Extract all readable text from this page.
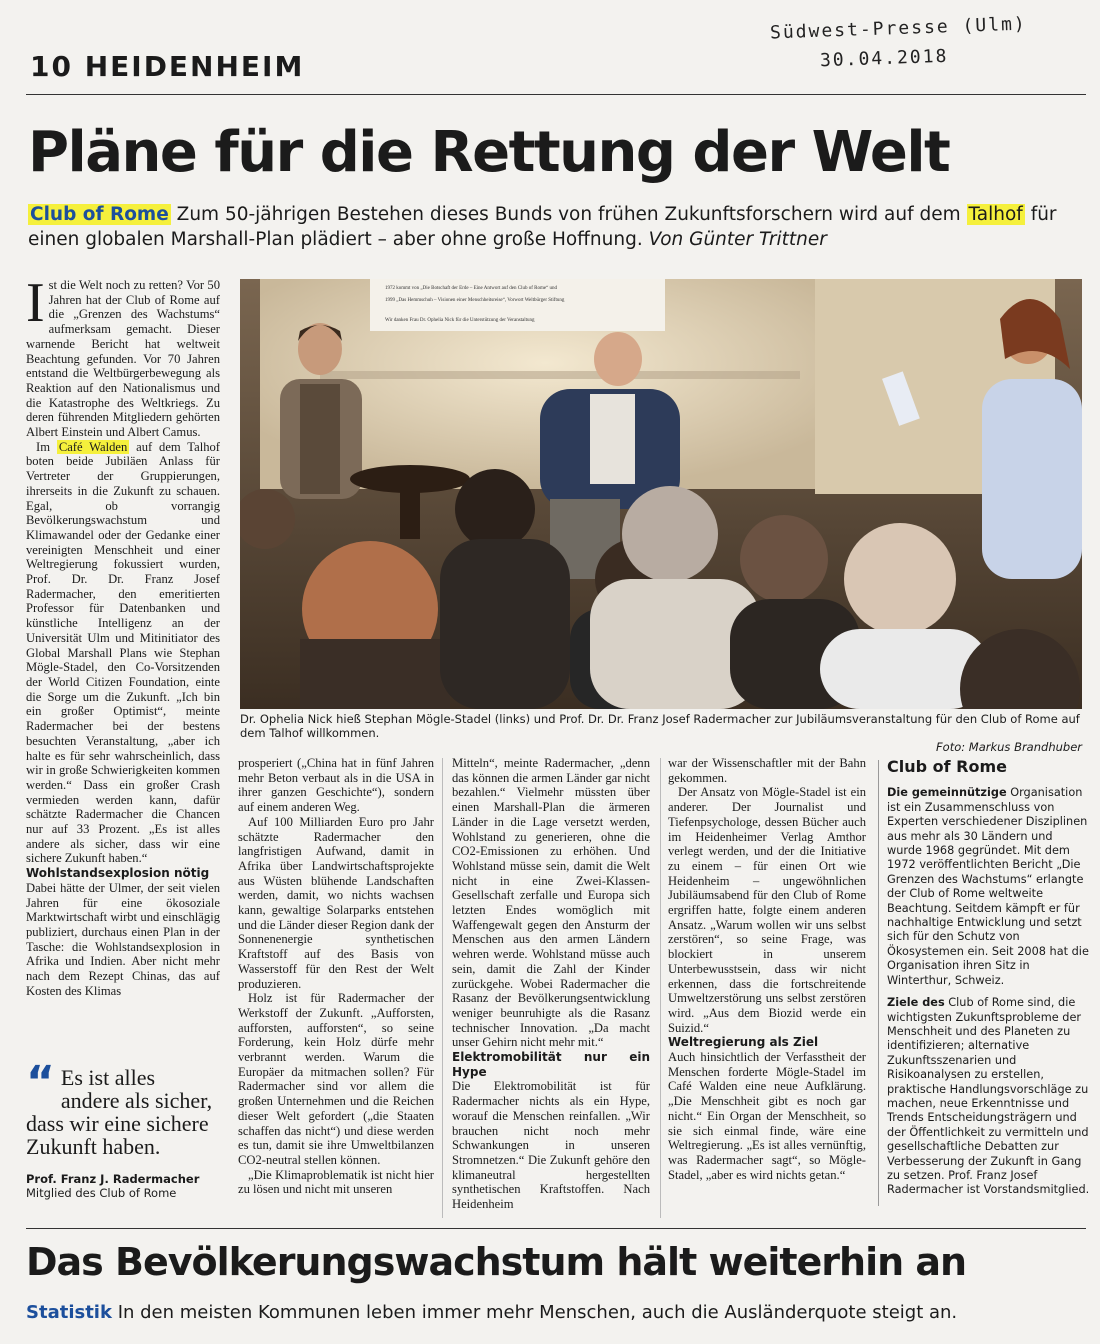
Südwest-Presse (Ulm)
30.04.2018
10 HEIDENHEIM
Pläne für die Rettung der Welt
Club of Rome Zum 50-jährigen Bestehen dieses Bunds von frühen Zukunftsforschern wird auf dem Talhof für einen globalen Marshall-Plan plädiert – aber ohne große Hoffnung. Von Günter Trittner

Ist die Welt noch zu retten? Vor 50 Jahren hat der Club of Rome auf die „Grenzen des Wachstums“ aufmerksam gemacht. Dieser warnende Bericht hat weltweit Beachtung gefunden. Vor 70 Jahren entstand die Weltbürgerbewegung als Reaktion auf den Nationalismus und die Katastrophe des Weltkriegs. Zu deren führenden Mitgliedern gehörten Albert Einstein und Albert Camus.

Im Café Walden auf dem Talhof boten beide Jubiläen Anlass für Vertreter der Gruppierungen, ihrerseits in die Zukunft zu schauen. Egal, ob vorrangig Bevölkerungswachstum und Klimawandel oder der Gedanke einer vereinigten Menschheit und einer Weltregierung fokussiert wurden, Prof. Dr. Dr. Franz Josef Radermacher, den emeritierten Professor für Datenbanken und künstliche Intelligenz an der Universität Ulm und Mitinitiator des Global Marshall Plans wie Stephan Mögle-Stadel, den Co-Vorsitzenden der World Citizen Foundation, einte die Sorge um die Zukunft. „Ich bin ein großer Optimist“, meinte Radermacher bei der bestens besuchten Veranstaltung, „aber ich halte es für sehr wahrscheinlich, dass wir in große Schwierigkeiten kommen werden.“ Dass ein großer Crash vermieden werden kann, dafür schätzte Radermacher die Chancen nur auf 33 Prozent. „Es ist alles andere als sicher, dass wir eine sichere Zukunft haben.“

Wohlstandsexplosion nötig

Dabei hätte der Ulmer, der seit vielen Jahren für eine ökosoziale Marktwirtschaft wirbt und einschlägig publiziert, durchaus einen Plan in der Tasche: die Wohlstandsexplosion in Afrika und Indien. Aber nicht mehr nach dem Rezept Chinas, das auf Kosten des Klimas

“ Es ist alles andere als sicher, dass wir eine sichere Zukunft haben.
Prof. Franz J. Radermacher
Mitglied des Club of Rome
1972 kommt von „Die Botschaft der Erde – Eine Antwort auf den Club of Rome“ und
1999 „Das Hemmschuh – Visionen einer Menschheitsreise“, Vorwort Weltbürger Stiftung
Wir danken Frau Dr. Ophelia Nick für die Unterstützung der Veranstaltung
Dr. Ophelia Nick hieß Stephan Mögle-Stadel (links) und Prof. Dr. Dr. Franz Josef Radermacher zur Jubiläumsveranstaltung für den Club of Rome auf dem Talhof willkommen.
Foto: Markus Brandhuber

prosperiert („China hat in fünf Jahren mehr Beton verbaut als in die USA in ihrer ganzen Geschichte“), sondern auf einem anderen Weg.

Auf 100 Milliarden Euro pro Jahr schätzte Radermacher den langfristigen Aufwand, damit in Afrika über Landwirtschaftsprojekte aus Wüsten blühende Landschaften werden, damit, wo nichts wachsen kann, gewaltige Solarparks entstehen und die Länder dieser Region dank der Sonnenenergie synthetischen Kraftstoff auf des Basis von Wasserstoff für den Rest der Welt produzieren.

Holz ist für Radermacher der Werkstoff der Zukunft. „Aufforsten, aufforsten, aufforsten“, so seine Forderung, kein Holz dürfe mehr verbrannt werden. Warum die Europäer da mitmachen sollen? Für Radermacher sind vor allem die großen Unternehmen und die Reichen dieser Welt gefordert („die Staaten schaffen das nicht“) und diese werden es tun, damit sie ihre Umweltbilanzen CO2-neutral stellen können.

„Die Klimaproblematik ist nicht hier zu lösen und nicht mit unseren

Mitteln“, meinte Radermacher, „denn das können die armen Länder gar nicht bezahlen.“ Vielmehr müssten über einen Marshall-Plan die ärmeren Länder in die Lage versetzt werden, Wohlstand zu generieren, ohne die CO2-Emissionen zu erhöhen. Und Wohlstand müsse sein, damit die Welt nicht in eine Zwei-Klassen-Gesellschaft zerfalle und Europa sich letzten Endes womöglich mit Waffengewalt gegen den Ansturm der Menschen aus den armen Ländern wehren werde. Wohlstand müsse auch sein, damit die Zahl der Kinder zurückgehe. Wobei Radermacher die Rasanz der Bevölkerungsentwicklung weniger beunruhigte als die Rasanz technischer Innovation. „Da macht unser Gehirn nicht mehr mit.“

Elektromobilität nur ein Hype

Die Elektromobilität ist für Radermacher nichts als ein Hype, worauf die Menschen reinfallen. „Wir brauchen nicht noch mehr Schwankungen in unseren Stromnetzen.“ Die Zukunft gehöre den klimaneutral hergestellten synthetischen Kraftstoffen. Nach Heidenheim

war der Wissenschaftler mit der Bahn gekommen.

Der Ansatz von Mögle-Stadel ist ein anderer. Der Journalist und Tiefenpsychologe, dessen Bücher auch im Heidenheimer Verlag Amthor verlegt werden, und der die Initiative zu einem – für einen Ort wie Heidenheim – ungewöhnlichen Jubiläumsabend für den Club of Rome ergriffen hatte, folgte einem anderen Ansatz. „Warum wollen wir uns selbst zerstören“, so seine Frage, was blockiert in unserem Unterbewusstsein, dass wir nicht erkennen, dass die fortschreitende Umweltzerstörung uns selbst zerstören wird. „Aus dem Biozid werde ein Suizid.“

Weltregierung als Ziel

Auch hinsichtlich der Verfasstheit der Menschen forderte Mögle-Stadel im Café Walden eine neue Aufklärung. „Die Menschheit gibt es noch gar nicht.“ Ein Organ der Menschheit, so sie sich einmal finde, wäre eine Weltregierung. „Es ist alles vernünftig, was Radermacher sagt“, so Mögle-Stadel, „aber es wird nichts getan.“

Club of Rome

Die gemeinnützige Organisation ist ein Zusammenschluss von Experten verschiedener Disziplinen aus mehr als 30 Ländern und wurde 1968 gegründet. Mit dem 1972 veröffentlichten Bericht „Die Grenzen des Wachstums“ erlangte der Club of Rome weltweite Beachtung. Seitdem kämpft er für nachhaltige Entwicklung und setzt sich für den Schutz von Ökosystemen ein. Seit 2008 hat die Organisation ihren Sitz in Winterthur, Schweiz.

Ziele des Club of Rome sind, die wichtigsten Zukunftsprobleme der Menschheit und des Planeten zu identifizieren; alternative Zukunftsszenarien und Risikoanalysen zu erstellen, praktische Handlungsvorschläge zu machen, neue Erkenntnisse und Trends Entscheidungsträgern und der Öffentlichkeit zu vermitteln und gesellschaftliche Debatten zur Verbesserung der Zukunft in Gang zu setzen. Prof. Franz Josef Radermacher ist Vorstandsmitglied.

Das Bevölkerungswachstum hält weiterhin an
Statistik In den meisten Kommunen leben immer mehr Menschen, auch die Ausländerquote steigt an.
